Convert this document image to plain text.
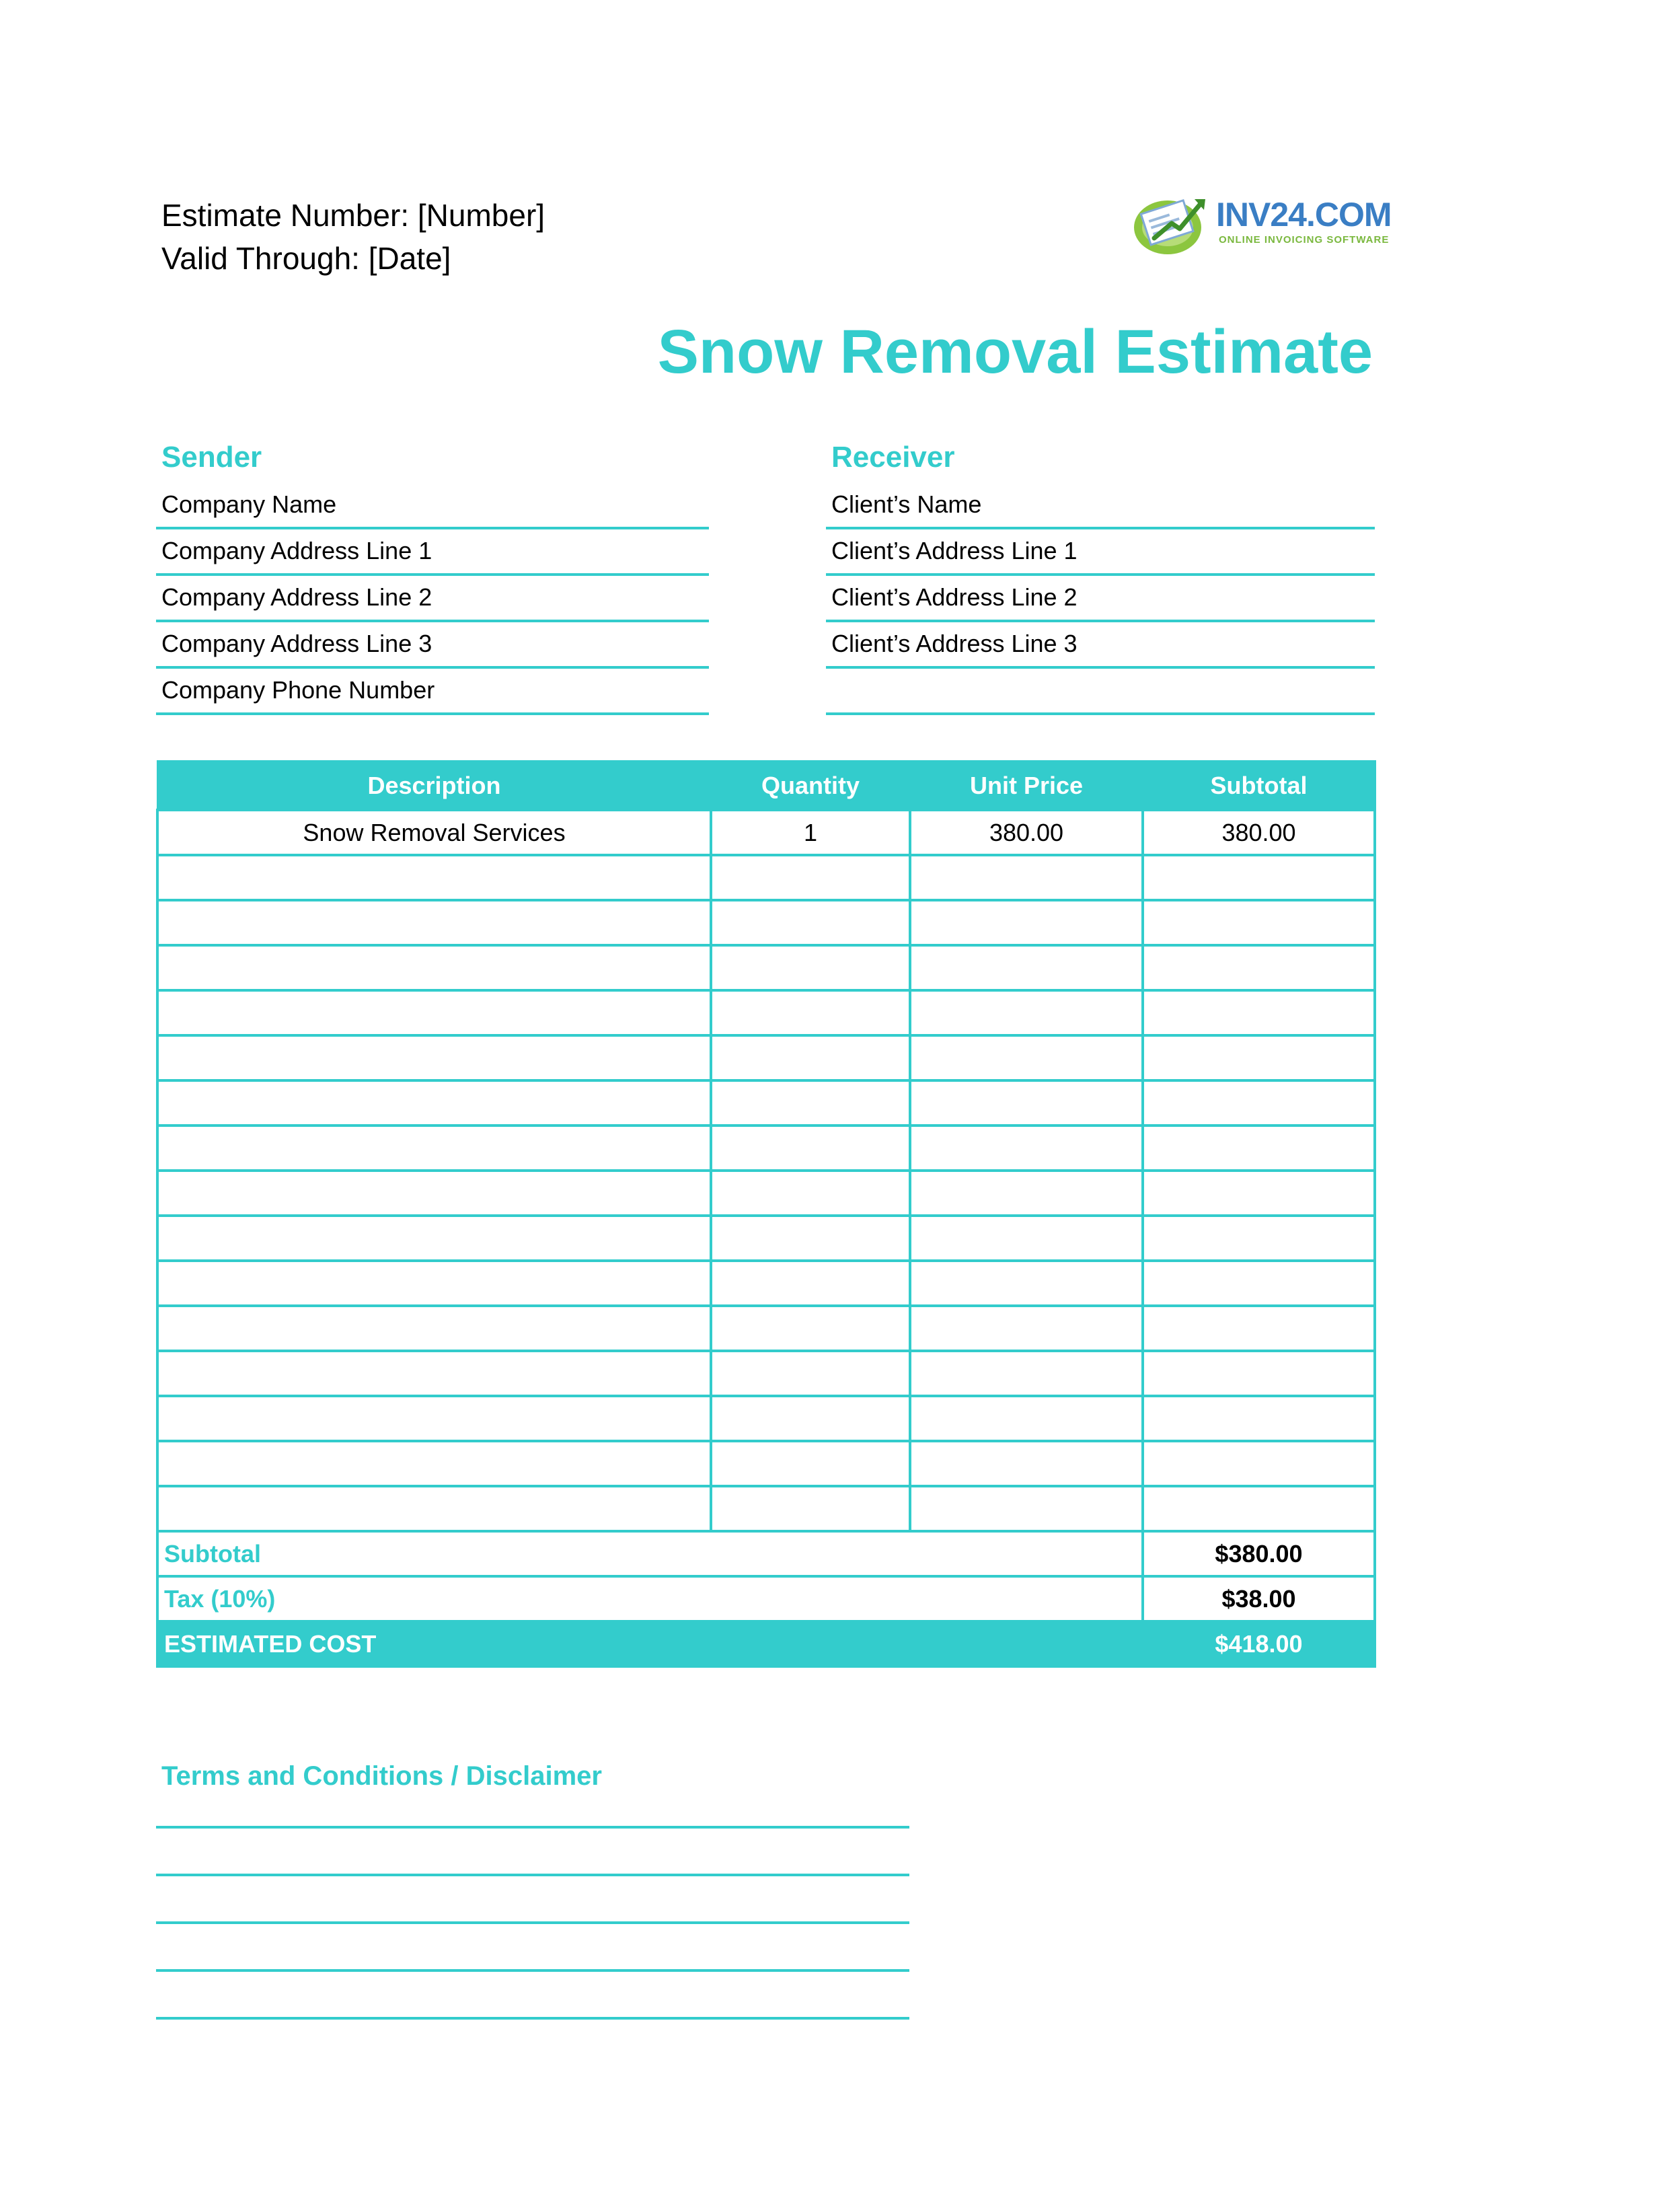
Estimate Number: [Number]
Valid Through: [Date]
INV24.COM
ONLINE INVOICING SOFTWARE
Snow Removal Estimate
Sender
Company Name
Company Address Line 1
Company Address Line 2
Company Address Line 3
Company Phone Number
Receiver
Client’s Name
Client’s Address Line 1
Client’s Address Line 2
Client’s Address Line 3
Description	Quantity	Unit Price	Subtotal
Snow Removal Services	1	380.00	380.00

Subtotal			$380.00
Tax (10%)			$38.00
ESTIMATED COST			$418.00
Terms and Conditions / Disclaimer
